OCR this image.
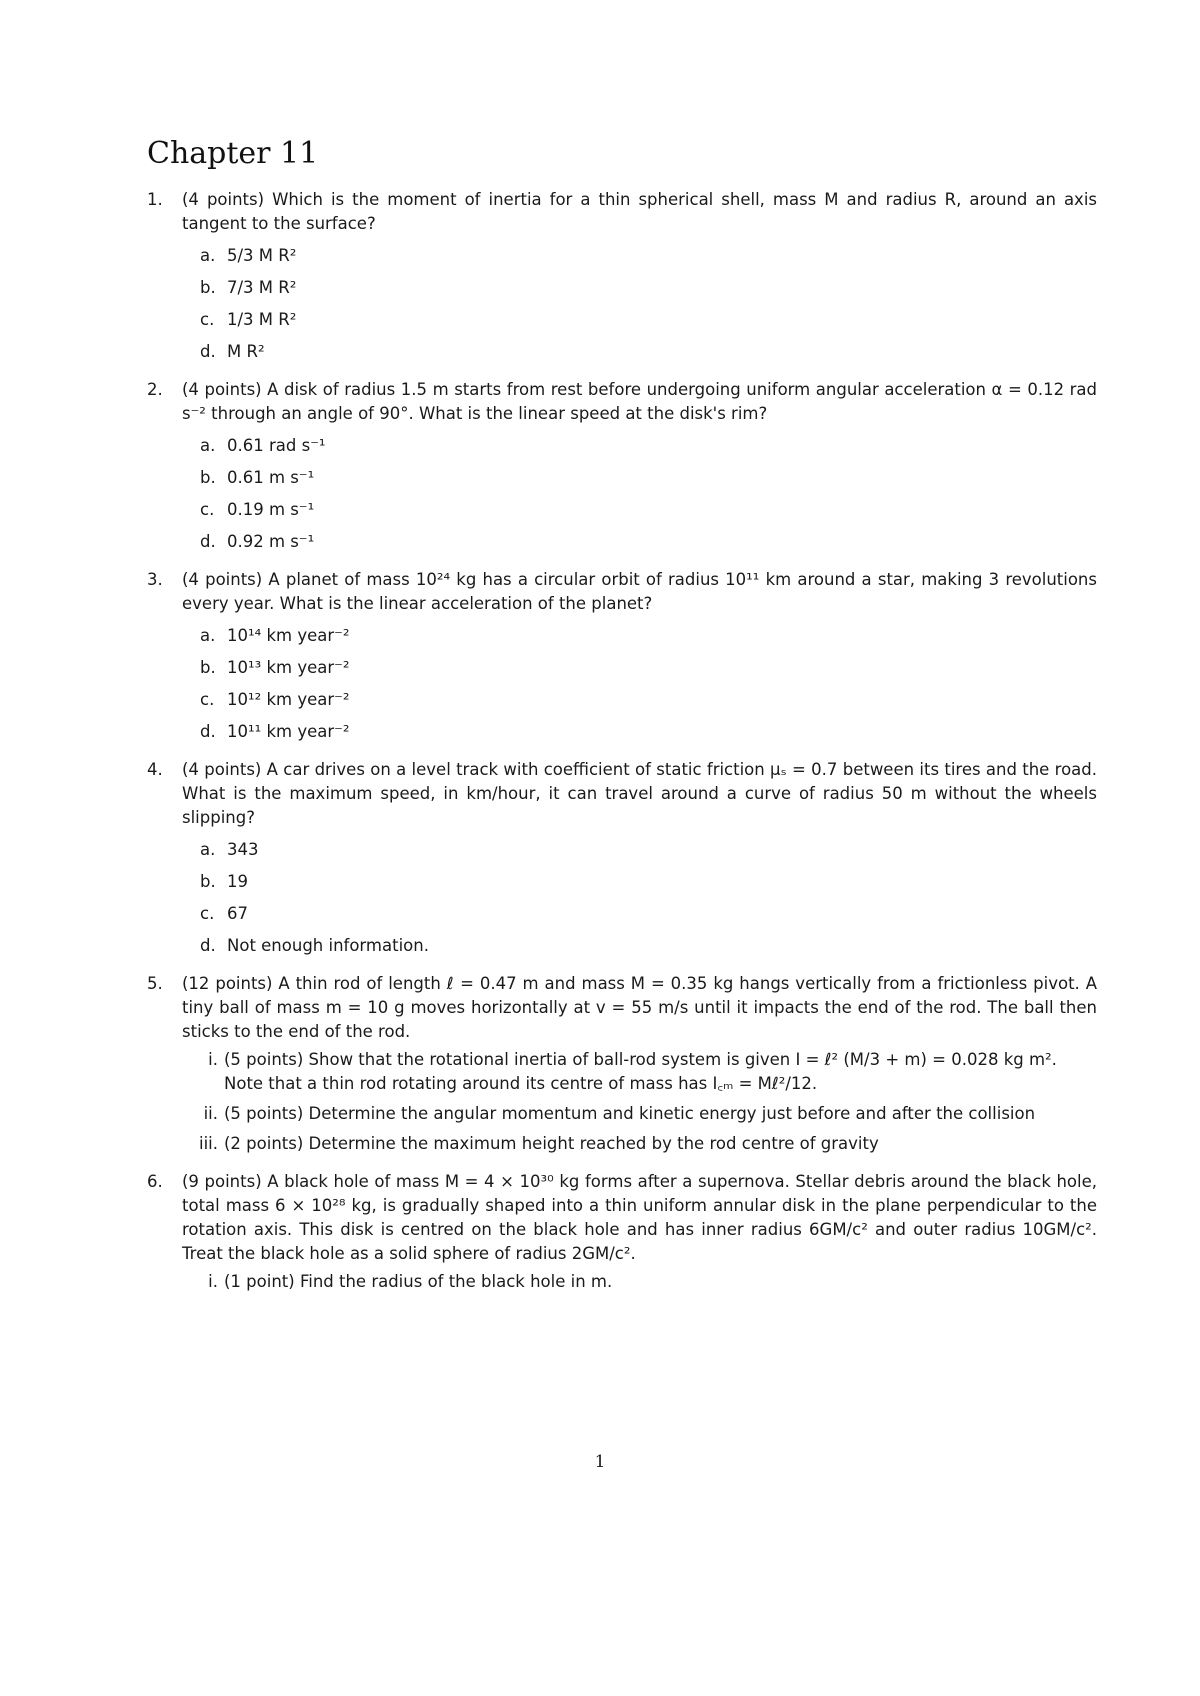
Chapter 11
1. (4 points) Which is the moment of inertia for a thin spherical shell, mass M and radius R, around an axis tangent to the surface?
a. 5/3 M R²
b. 7/3 M R²
c. 1/3 M R²
d. M R²
2. (4 points) A disk of radius 1.5 m starts from rest before undergoing uniform angular acceleration α = 0.12 rad s⁻² through an angle of 90°. What is the linear speed at the disk's rim?
a. 0.61 rad s⁻¹
b. 0.61 m s⁻¹
c. 0.19 m s⁻¹
d. 0.92 m s⁻¹
3. (4 points) A planet of mass 10²⁴ kg has a circular orbit of radius 10¹¹ km around a star, making 3 revolutions every year. What is the linear acceleration of the planet?
a. 10¹⁴ km year⁻²
b. 10¹³ km year⁻²
c. 10¹² km year⁻²
d. 10¹¹ km year⁻²
4. (4 points) A car drives on a level track with coefficient of static friction μₛ = 0.7 between its tires and the road. What is the maximum speed, in km/hour, it can travel around a curve of radius 50 m without the wheels slipping?
a. 343
b. 19
c. 67
d. Not enough information.
5. (12 points) A thin rod of length ℓ = 0.47 m and mass M = 0.35 kg hangs vertically from a frictionless pivot. A tiny ball of mass m = 10 g moves horizontally at v = 55 m/s until it impacts the end of the rod. The ball then sticks to the end of the rod.
i. (5 points) Show that the rotational inertia of ball-rod system is given I = ℓ² (M/3 + m) = 0.028 kg m². Note that a thin rod rotating around its centre of mass has I꜀ₘ = Mℓ²/12.
ii. (5 points) Determine the angular momentum and kinetic energy just before and after the collision
iii. (2 points) Determine the maximum height reached by the rod centre of gravity
6. (9 points) A black hole of mass M = 4 × 10³⁰ kg forms after a supernova. Stellar debris around the black hole, total mass 6 × 10²⁸ kg, is gradually shaped into a thin uniform annular disk in the plane perpendicular to the rotation axis. This disk is centred on the black hole and has inner radius 6GM/c² and outer radius 10GM/c². Treat the black hole as a solid sphere of radius 2GM/c².
i. (1 point) Find the radius of the black hole in m.
1
